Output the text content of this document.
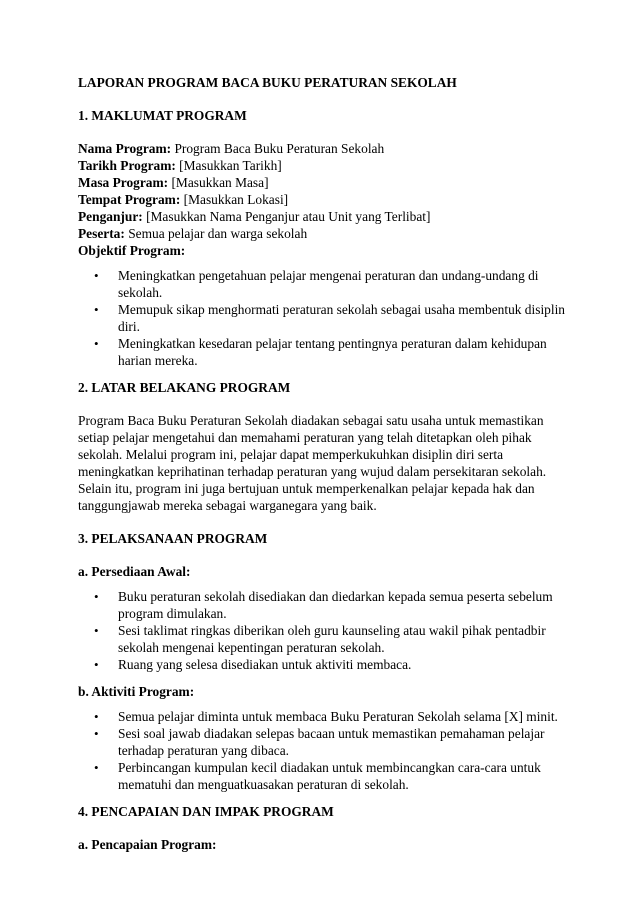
LAPORAN PROGRAM BACA BUKU PERATURAN SEKOLAH
1. MAKLUMAT PROGRAM
Nama Program: Program Baca Buku Peraturan Sekolah
Tarikh Program: [Masukkan Tarikh]
Masa Program: [Masukkan Masa]
Tempat Program: [Masukkan Lokasi]
Penganjur: [Masukkan Nama Penganjur atau Unit yang Terlibat]
Peserta: Semua pelajar dan warga sekolah
Objektif Program:
• Meningkatkan pengetahuan pelajar mengenai peraturan dan undang-undang di sekolah.
• Memupuk sikap menghormati peraturan sekolah sebagai usaha membentuk disiplin diri.
• Meningkatkan kesedaran pelajar tentang pentingnya peraturan dalam kehidupan harian mereka.
2. LATAR BELAKANG PROGRAM
Program Baca Buku Peraturan Sekolah diadakan sebagai satu usaha untuk memastikan setiap pelajar mengetahui dan memahami peraturan yang telah ditetapkan oleh pihak sekolah. Melalui program ini, pelajar dapat memperkukuhkan disiplin diri serta meningkatkan keprihatinan terhadap peraturan yang wujud dalam persekitaran sekolah. Selain itu, program ini juga bertujuan untuk memperkenalkan pelajar kepada hak dan tanggungjawab mereka sebagai warganegara yang baik.
3. PELAKSANAAN PROGRAM
a. Persediaan Awal:
• Buku peraturan sekolah disediakan dan diedarkan kepada semua peserta sebelum program dimulakan.
• Sesi taklimat ringkas diberikan oleh guru kaunseling atau wakil pihak pentadbir sekolah mengenai kepentingan peraturan sekolah.
• Ruang yang selesa disediakan untuk aktiviti membaca.
b. Aktiviti Program:
• Semua pelajar diminta untuk membaca Buku Peraturan Sekolah selama [X] minit.
• Sesi soal jawab diadakan selepas bacaan untuk memastikan pemahaman pelajar terhadap peraturan yang dibaca.
• Perbincangan kumpulan kecil diadakan untuk membincangkan cara-cara untuk mematuhi dan menguatkuasakan peraturan di sekolah.
4. PENCAPAIAN DAN IMPAK PROGRAM
a. Pencapaian Program:
